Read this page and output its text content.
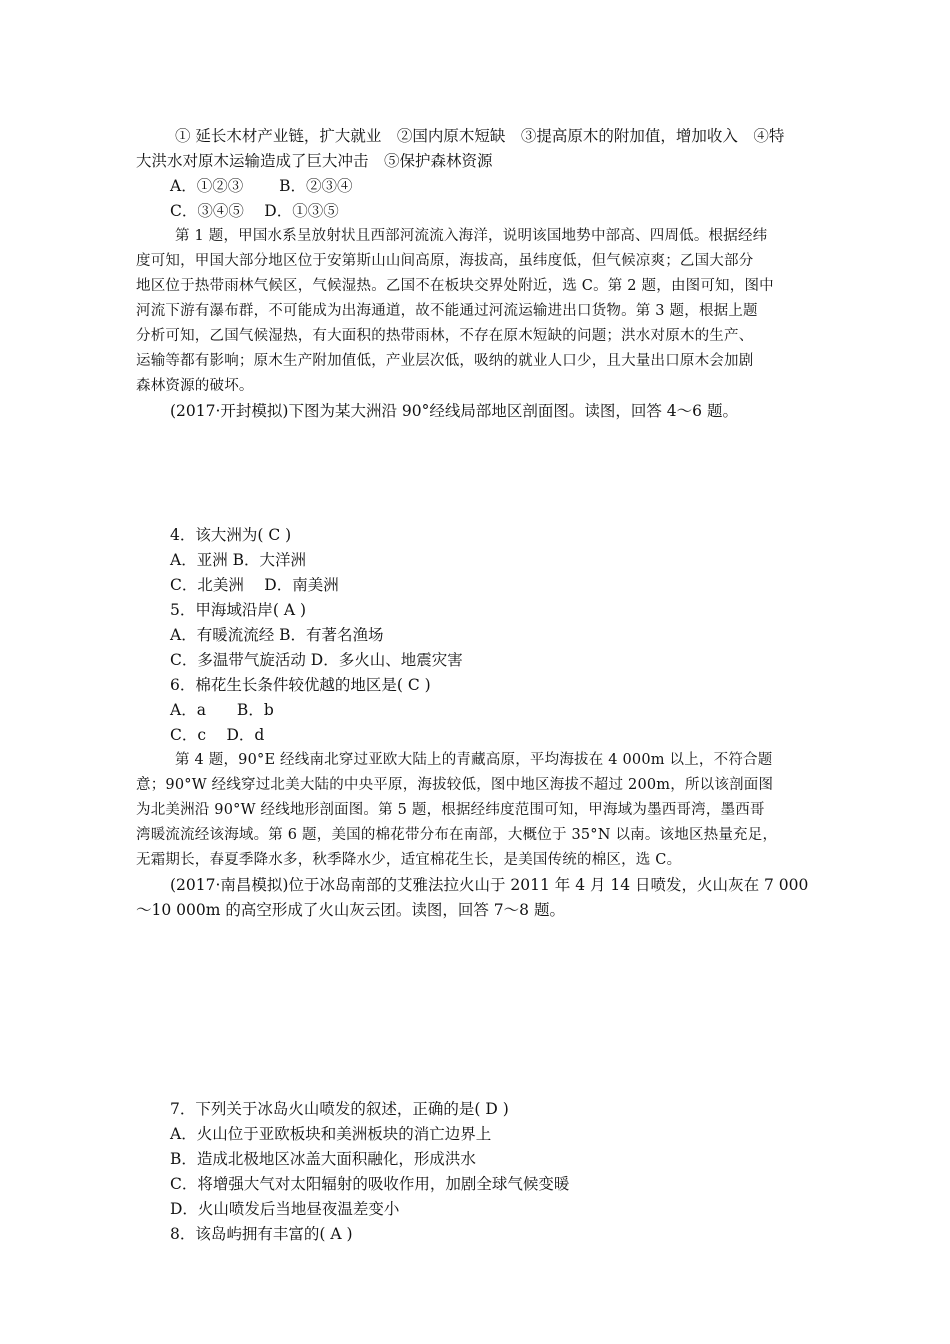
① 延长木材产业链，扩大就业　②国内原木短缺　③提高原木的附加值，增加收入　④特
大洪水对原木运输造成了巨大冲击　⑤保护森林资源
A．①②③　　 B．②③④
C．③④⑤　 D．①③⑤
第 1 题，甲国水系呈放射状且西部河流流入海洋，说明该国地势中部高、四周低。根据经纬
度可知，甲国大部分地区位于安第斯山山间高原，海拔高，虽纬度低，但气候凉爽；乙国大部分
地区位于热带雨林气候区，气候湿热。乙国不在板块交界处附近，选 C。第 2 题，由图可知，图中
河流下游有瀑布群，不可能成为出海通道，故不能通过河流运输进出口货物。第 3 题，根据上题
分析可知，乙国气候湿热，有大面积的热带雨林，不存在原木短缺的问题；洪水对原木的生产、
运输等都有影响；原木生产附加值低，产业层次低，吸纳的就业人口少，且大量出口原木会加剧
森林资源的破坏。
(2017·开封模拟)下图为某大洲沿 90°经线局部地区剖面图。读图，回答 4～6 题。
4．该大洲为( C )
A．亚洲 B．大洋洲
C．北美洲　 D．南美洲
5．甲海域沿岸( A )
A．有暖流流经 B．有著名渔场
C．多温带气旋活动 D．多火山、地震灾害
6．棉花生长条件较优越的地区是( C )
A．a　　B．b
C．c　 D．d
第 4 题，90°E 经线南北穿过亚欧大陆上的青藏高原，平均海拔在 4 000m 以上，不符合题
意；90°W 经线穿过北美大陆的中央平原，海拔较低，图中地区海拔不超过 200m，所以该剖面图
为北美洲沿 90°W 经线地形剖面图。第 5 题，根据经纬度范围可知，甲海域为墨西哥湾，墨西哥
湾暖流流经该海域。第 6 题，美国的棉花带分布在南部，大概位于 35°N 以南。该地区热量充足，
无霜期长，春夏季降水多，秋季降水少，适宜棉花生长，是美国传统的棉区，选 C。
(2017·南昌模拟)位于冰岛南部的艾雅法拉火山于 2011 年 4 月 14 日喷发，火山灰在 7 000
～10 000m 的高空形成了火山灰云团。读图，回答 7～8 题。
7．下列关于冰岛火山喷发的叙述，正确的是( D )
A．火山位于亚欧板块和美洲板块的消亡边界上
B．造成北极地区冰盖大面积融化，形成洪水
C．将增强大气对太阳辐射的吸收作用，加剧全球气候变暖
D．火山喷发后当地昼夜温差变小
8．该岛屿拥有丰富的( A )
